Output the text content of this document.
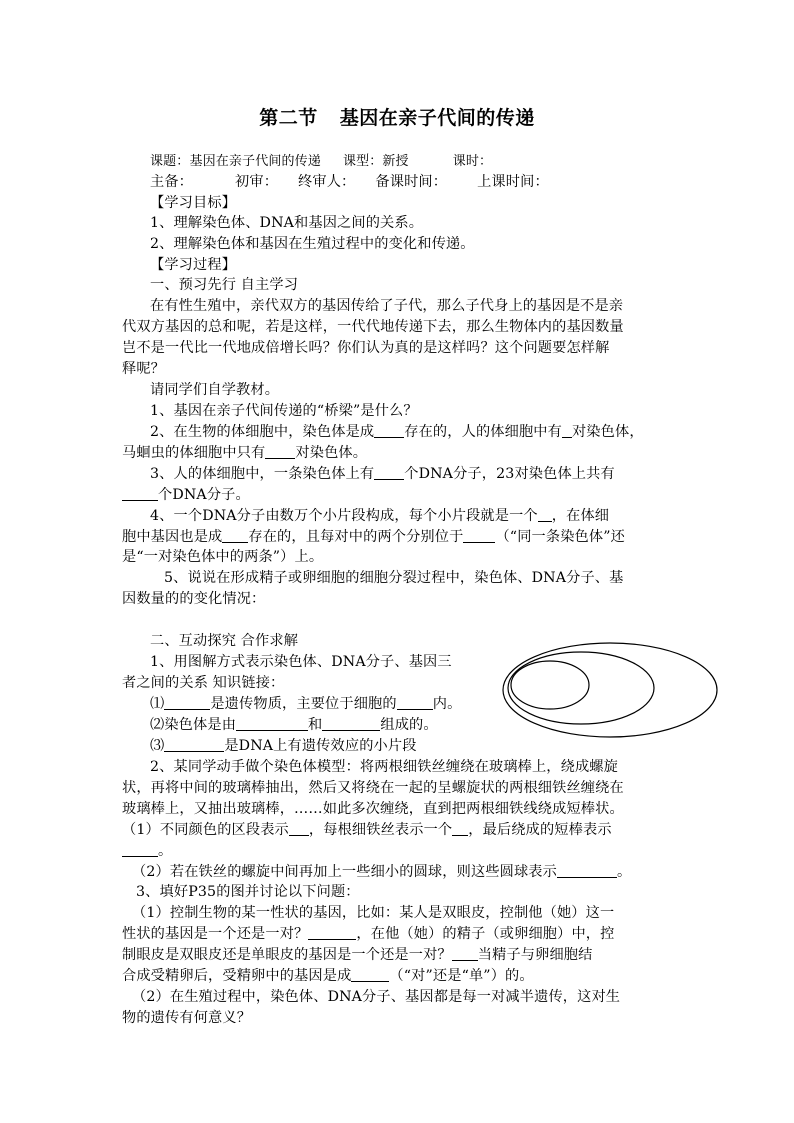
第二节 基因在亲子代间的传递
课题：基因在亲子代间的传递 课型：新授	课时：
主备：	初审： 终审人： 备课时间： 上课时间：
【学习目标】
1、理解染色体、DNA和基因之间的关系。
2、理解染色体和基因在生殖过程中的变化和传递。
【学习过程】
一、预习先行 自主学习
在有性生殖中，亲代双方的基因传给了子代，那么子代身上的基因是不是亲
代双方基因的总和呢，若是这样，一代代地传递下去，那么生物体内的基因数量
岂不是一代比一代地成倍增长吗？你们认为真的是这样吗？这个问题要怎样解
释呢？
请同学们自学教材。
1、基因在亲子代间传递的“桥梁”是什么？
2、在生物的体细胞中，染色体是成 存在的，人的体细胞中有 对染色体，
马蛔虫的体细胞中只有 对染色体。
3、人的体细胞中，一条染色体上有 个DNA分子，23对染色体上共有
个DNA分子。
4、一个DNA分子由数万个小片段构成，每个小片段就是一个 ，在体细
胞中基因也是成 存在的，且每对中的两个分别位于 （“同一条染色体”还
是“一对染色体中的两条”）上。
5、说说在形成精子或卵细胞的细胞分裂过程中，染色体、DNA分子、基
因数量的的变化情况：
二、互动探究 合作求解
1、用图解方式表示染色体、DNA分子、基因三
者之间的关系 知识链接：
⑴	是遗传物质，主要位于细胞的	内。
⑵染色体是由	和	组成的。
⑶	是DNA上有遗传效应的小片段
2、某同学动手做个染色体模型：将两根细铁丝缠绕在玻璃棒上，绕成螺旋
状，再将中间的玻璃棒抽出，然后又将绕在一起的呈螺旋状的两根细铁丝缠绕在
玻璃棒上，又抽出玻璃棒，……如此多次缠绕，直到把两根细铁线绕成短棒状。
（1）不同颜色的区段表示 ，每根细铁丝表示一个 ，最后绕成的短棒表示
。
（2）若在铁丝的螺旋中间再加上一些细小的圆球，则这些圆球表示	。
3、填好P35的图并讨论以下问题：
（1）控制生物的某一性状的基因，比如：某人是双眼皮，控制他（她）这一
性状的基因是一个还是一对？	，在他（她）的精子（或卵细胞）中，控
制眼皮是双眼皮还是单眼皮的基因是一个还是一对？ 当精子与卵细胞结
合成受精卵后，受精卵中的基因是成	（“对”还是“单”）的。
（2）在生殖过程中，染色体、DNA分子、基因都是每一对减半遗传，这对生
物的遗传有何意义？
